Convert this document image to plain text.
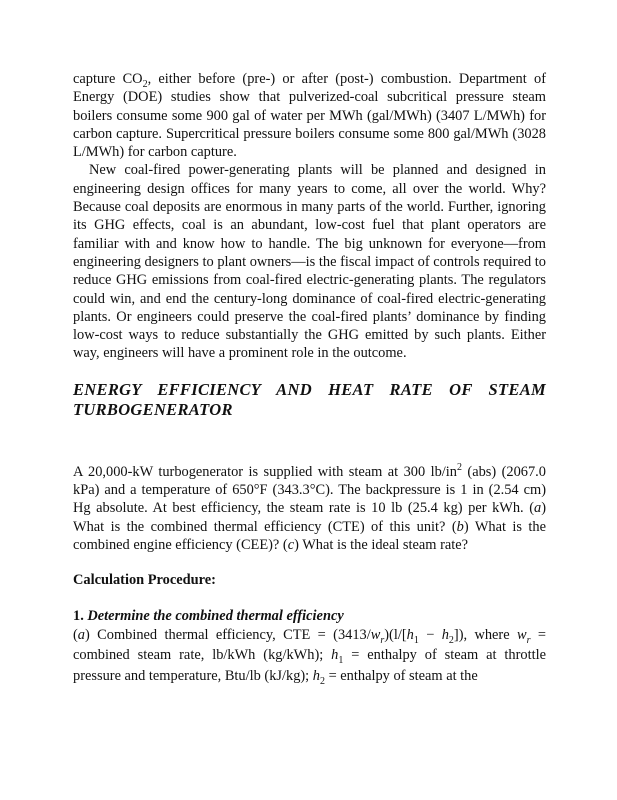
capture $CO_2$, either before (pre-) or after (post-) combustion. Department of Energy (DOE) studies show that pulverized-coal subcritical pressure steam boilers consume some 900 gal of water per MWh (gal/MWh) (3407 L/MWh) for carbon capture. Supercritical pressure boilers consume some 800 gal/MWh (3028 L/MWh) for carbon capture.

New coal-fired power-generating plants will be planned and designed in engineering design offices for many years to come, all over the world. Why? Because coal deposits are enormous in many parts of the world. Further, ignoring its GHG effects, coal is an abundant, low-cost fuel that plant operators are familiar with and know how to handle. The big unknown for everyone—from engineering designers to plant owners—is the fiscal impact of controls required to reduce GHG emissions from coal-fired electric-generating plants. The regulators could win, and end the century-long dominance of coal-fired electric-generating plants. Or engineers could preserve the coal-fired plants’ dominance by finding low-cost ways to reduce substantially the GHG emitted by such plants. Either way, engineers will have a prominent role in the outcome.

ENERGY EFFICIENCY AND HEAT RATE OF STEAM TURBOGENERATOR

A 20,000-kW turbogenerator is supplied with steam at 300 $lb/in^2$ (abs) (2067.0 kPa) and a temperature of 650°F (343.3°C). The backpressure is 1 in (2.54 cm) Hg absolute. At best efficiency, the steam rate is 10 lb (25.4 kg) per kWh. (a) What is the combined thermal efficiency (CTE) of this unit? (b) What is the combined engine efficiency (CEE)? (c) What is the ideal steam rate?

Calculation Procedure:

1. Determine the combined thermal efficiency

(a) Combined thermal efficiency, CTE = $(3413/w_r)(l/[h_1 - h_2])$, where $w_r$ = combined steam rate, lb/kWh (kg/kWh); $h_1$ = enthalpy of steam at throttle pressure and temperature, Btu/lb (kJ/kg); $h_2$ = enthalpy of steam at the
